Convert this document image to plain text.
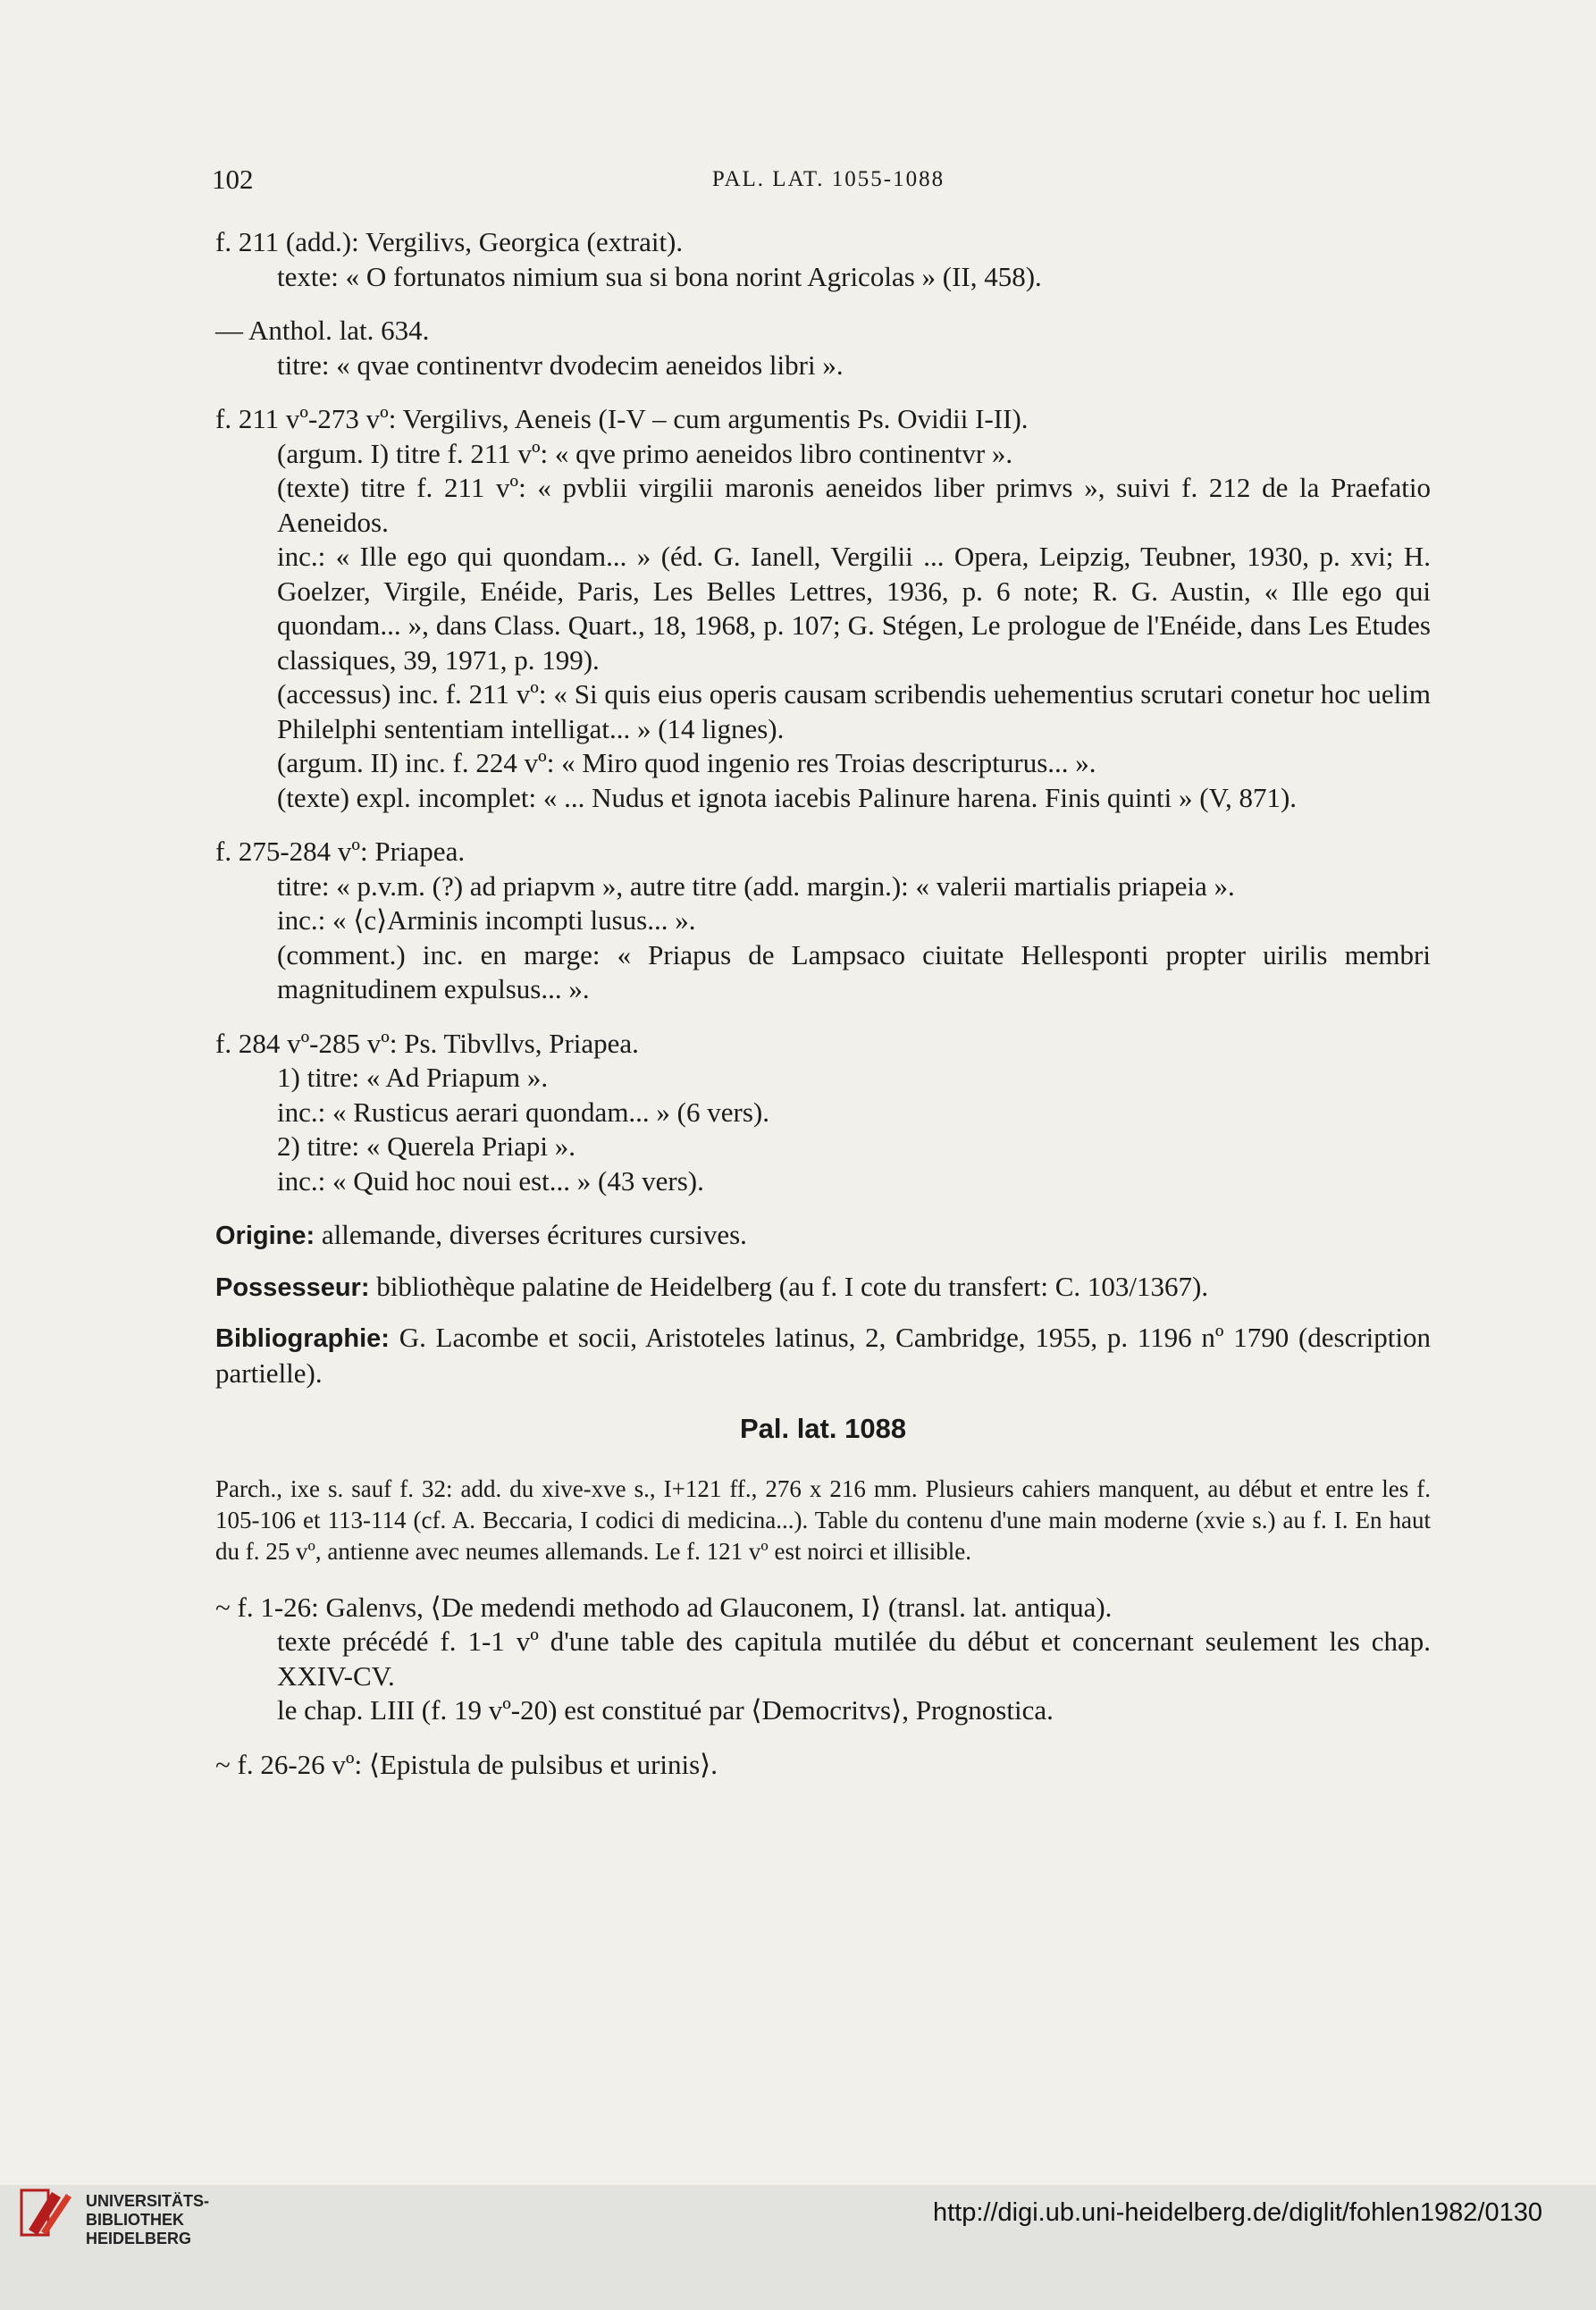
102	PAL. LAT. 1055-1088
f. 211 (add.): Vergilivs, Georgica (extrait).
texte: « O fortunatos nimium sua si bona norint Agricolas » (II, 458).
— Anthol. lat. 634.
titre: « qvae continentvr dvodecim aeneidos libri ».
f. 211 vº-273 vº: Vergilivs, Aeneis (I-V – cum argumentis Ps. Ovidii I-II).
(argum. I) titre f. 211 vº: « qve primo aeneidos libro continentvr ».
(texte) titre f. 211 vº: « pvblii virgilii maronis aeneidos liber primvs », suivi f. 212 de la Praefatio Aeneidos.
inc.: « Ille ego qui quondam... » (éd. G. Ianell, Vergilii ... Opera, Leipzig, Teubner, 1930, p. xvi; H. Goelzer, Virgile, Enéide, Paris, Les Belles Lettres, 1936, p. 6 note; R. G. Austin, « Ille ego qui quondam... », dans Class. Quart., 18, 1968, p. 107; G. Stégen, Le prologue de l'Enéide, dans Les Etudes classiques, 39, 1971, p. 199).
(accessus) inc. f. 211 vº: « Si quis eius operis causam scribendis uehementius scrutari conetur hoc uelim Philelphi sententiam intelligat... » (14 lignes).
(argum. II) inc. f. 224 vº: « Miro quod ingenio res Troias descripturus... ».
(texte) expl. incomplet: « ... Nudus et ignota iacebis Palinure harena. Finis quinti » (V, 871).
f. 275-284 vº: Priapea.
titre: « p.v.m. (?) ad priapvm », autre titre (add. margin.): « valerii martialis priapeia ».
inc.: « ⟨c⟩Arminis incompti lusus... ».
(comment.) inc. en marge: « Priapus de Lampsaco ciuitate Hellesponti propter uirilis membri magnitudinem expulsus... ».
f. 284 vº-285 vº: Ps. Tibvllvs, Priapea.
1) titre: « Ad Priapum ».
inc.: « Rusticus aerari quondam... » (6 vers).
2) titre: « Querela Priapi ».
inc.: « Quid hoc noui est... » (43 vers).

Origine: allemande, diverses écritures cursives.

Possesseur: bibliothèque palatine de Heidelberg (au f. I cote du transfert: C. 103/1367).

Bibliographie: G. Lacombe et socii, Aristoteles latinus, 2, Cambridge, 1955, p. 1196 nº 1790 (description partielle).

Pal. lat. 1088
Parch., ixe s. sauf f. 32: add. du xive-xve s., I+121 ff., 276 x 216 mm. Plusieurs cahiers manquent, au début et entre les f. 105-106 et 113-114 (cf. A. Beccaria, I codici di medicina...). Table du contenu d'une main moderne (xvie s.) au f. I. En haut du f. 25 vº, antienne avec neumes allemands. Le f. 121 vº est noirci et illisible.
~ f. 1-26: Galenvs, ⟨De medendi methodo ad Glauconem, I⟩ (transl. lat. antiqua).
texte précédé f. 1-1 vº d'une table des capitula mutilée du début et concernant seulement les chap. XXIV-CV.
le chap. LIII (f. 19 vº-20) est constitué par ⟨Democritvs⟩, Prognostica.
~ f. 26-26 vº: ⟨Epistula de pulsibus et urinis⟩.
UNIVERSITÄTS-
BIBLIOTHEK
HEIDELBERG
http://digi.ub.uni-heidelberg.de/diglit/fohlen1982/0130
